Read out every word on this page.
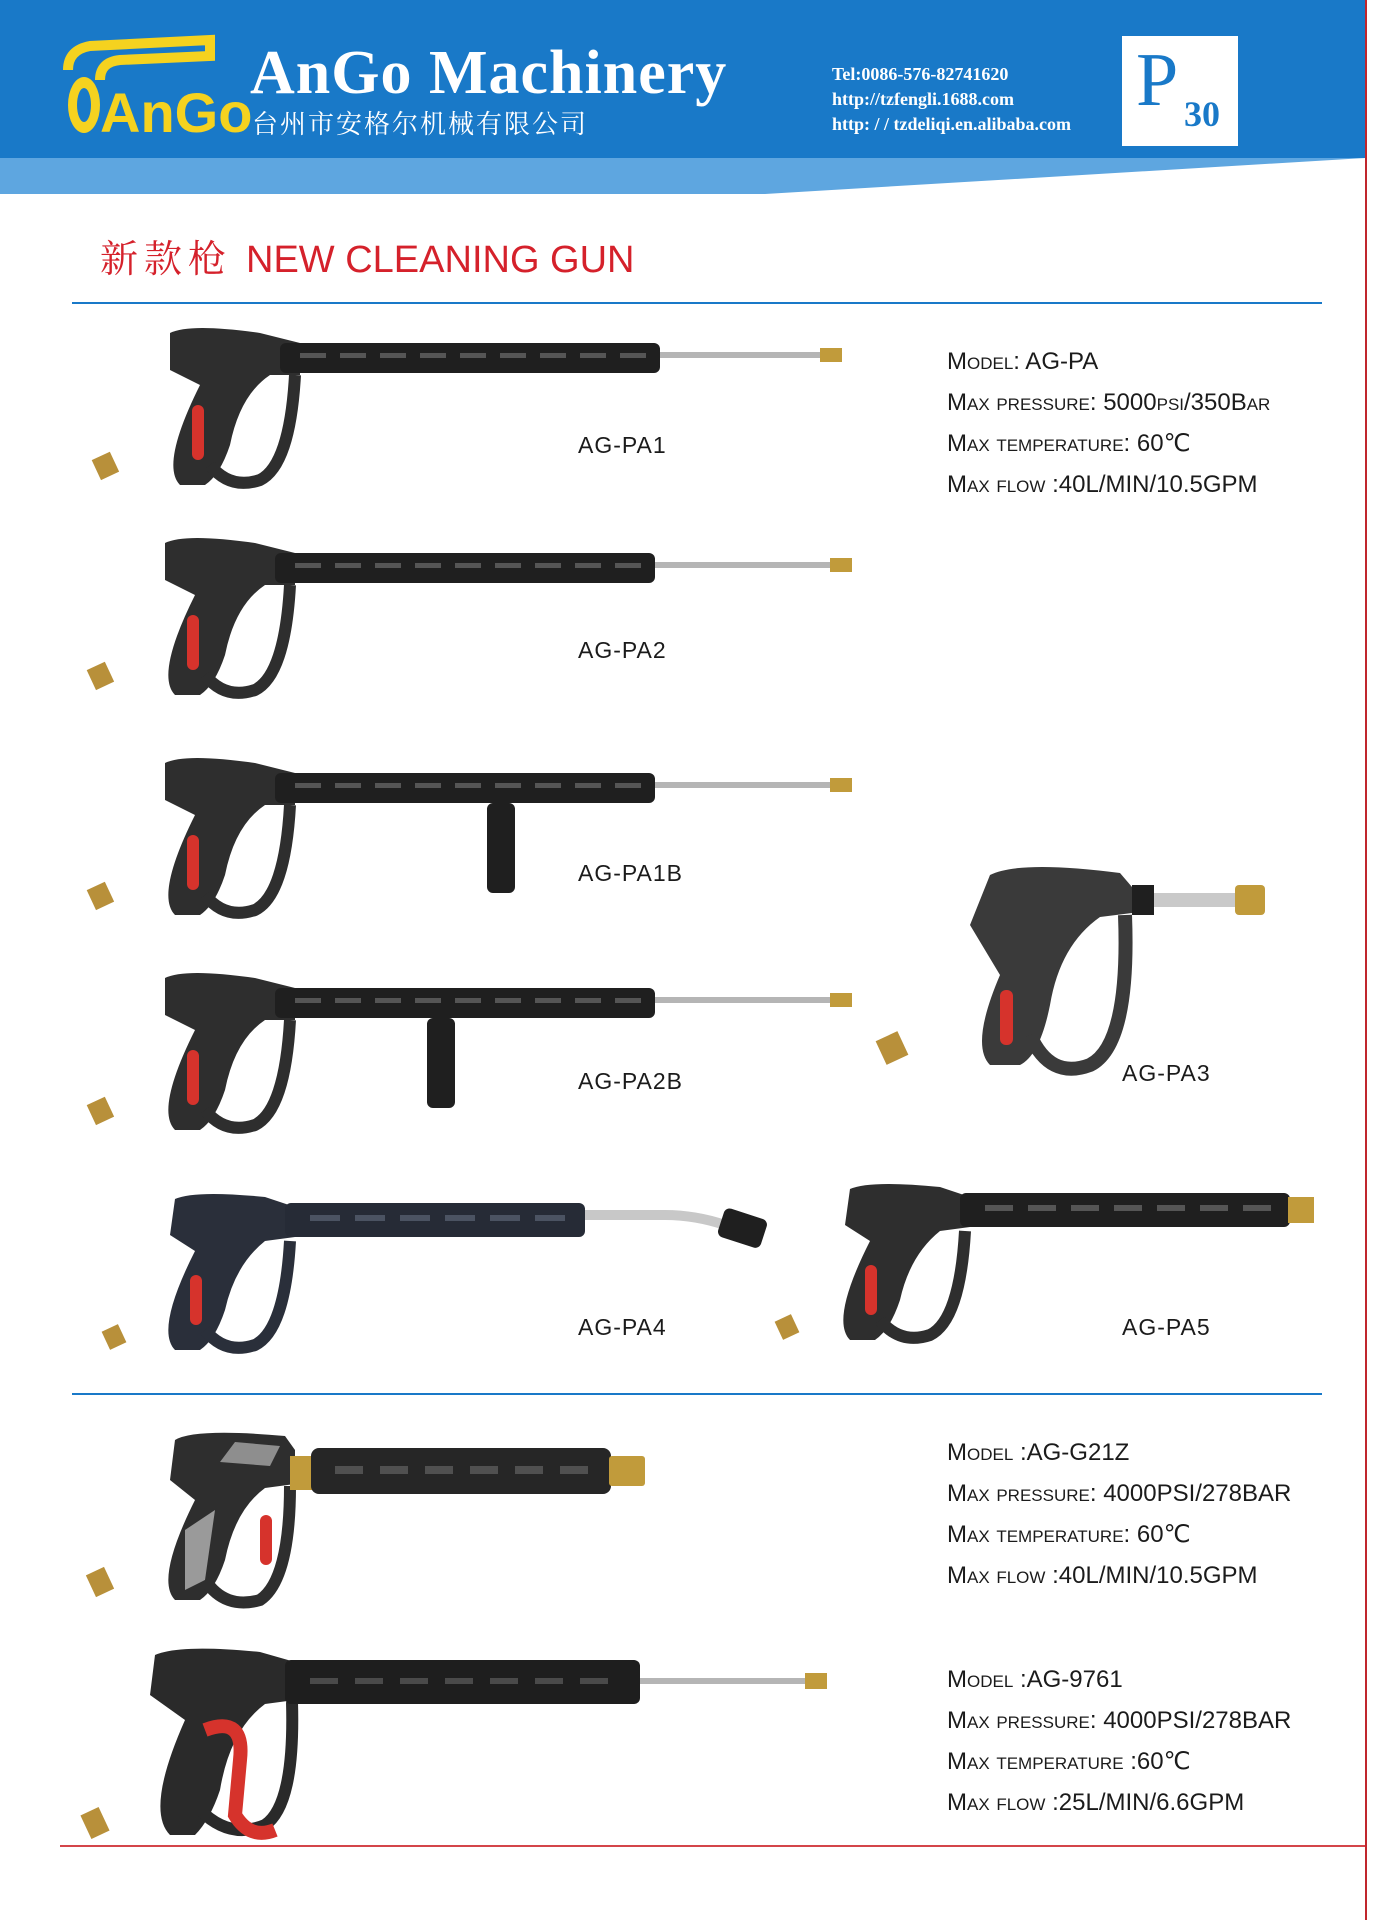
AnGo
AnGo Machinery
台州市安格尔机械有限公司
Tel:0086-576-82741620
http://tzfengli.1688.com
http: / / tzdeliqi.en.alibaba.com
P 30
新款枪 NEW CLEANING GUN
AG-PA1
AG-PA2
AG-PA1B
AG-PA2B	AG-PA3
AG-PA4	AG-PA5
Model: AG-PA
Max pressure: 5000psi/350Bar
Max temperature: 60℃
Max flow :40L/MIN/10.5GPM
Model :AG-G21Z
Max pressure: 4000PSI/278BAR
Max temperature: 60℃
Max flow :40L/MIN/10.5GPM
Model :AG-9761
Max pressure: 4000PSI/278BAR
Max temperature :60℃
Max flow :25L/MIN/6.6GPM
